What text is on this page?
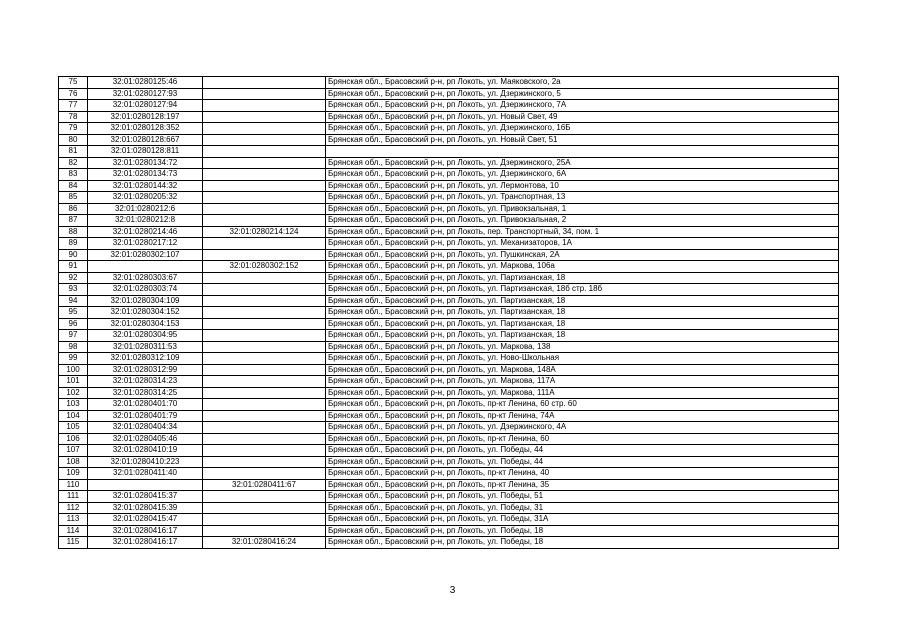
75	32:01:0280125:46		Брянская обл., Брасовский р-н, рп Локоть, ул. Маяковского, 2а
76	32:01:0280127:93		Брянская обл., Брасовский р-н, рп Локоть, ул. Дзержинского, 5
77	32:01:0280127:94		Брянская обл., Брасовский р-н, рп Локоть, ул. Дзержинского, 7А
78	32:01:0280128:197		Брянская обл., Брасовский р-н, рп Локоть, ул. Новый Свет, 49
79	32:01:0280128:352		Брянская обл., Брасовский р-н, рп Локоть, ул. Дзержинского, 16Б
80	32:01:0280128:667		Брянская обл., Брасовский р-н, рп Локоть, ул. Новый Свет, 51
81	32:01:0280128:811		
82	32:01:0280134:72		Брянская обл., Брасовский р-н, рп Локоть, ул. Дзержинского, 25А
83	32:01:0280134:73		Брянская обл., Брасовский р-н, рп Локоть, ул. Дзержинского, 6А
84	32:01:0280144:32		Брянская обл., Брасовский р-н, рп Локоть, ул. Лермонтова, 10
85	32:01:0280205:32		Брянская обл., Брасовский р-н, рп Локоть, ул. Транспортная, 13
86	32:01:0280212:6		Брянская обл., Брасовский р-н, рп Локоть, ул. Привокзальная, 1
87	32:01:0280212:8		Брянская обл., Брасовский р-н, рп Локоть, ул. Привокзальная, 2
88	32:01:0280214:46	32:01:0280214:124	Брянская обл., Брасовский р-н, рп Локоть, пер. Транспортный, 34, пом. 1
89	32:01:0280217:12		Брянская обл., Брасовский р-н, рп Локоть, ул. Механизаторов, 1А
90	32:01:0280302:107		Брянская обл., Брасовский р-н, рп Локоть, ул. Пушкинская, 2А
91		32:01:0280302:152	Брянская обл., Брасовский р-н, рп Локоть, ул. Маркова, 106а
92	32:01:0280303:67		Брянская обл., Брасовский р-н, рп Локоть, ул. Партизанская, 18
93	32:01:0280303:74		Брянская обл., Брасовский р-н, рп Локоть, ул. Партизанская, 18б стр. 18б
94	32:01:0280304:109		Брянская обл., Брасовский р-н, рп Локоть, ул. Партизанская, 18
95	32:01:0280304:152		Брянская обл., Брасовский р-н, рп Локоть, ул. Партизанская, 18
96	32:01:0280304:153		Брянская обл., Брасовский р-н, рп Локоть, ул. Партизанская, 18
97	32:01:0280304:95		Брянская обл., Брасовский р-н, рп Локоть, ул. Партизанская, 18
98	32:01:0280311:53		Брянская обл., Брасовский р-н, рп Локоть, ул. Маркова, 138
99	32:01:0280312:109		Брянская обл., Брасовский р-н, рп Локоть, ул. Ново-Школьная
100	32:01:0280312:99		Брянская обл., Брасовский р-н, рп Локоть, ул. Маркова, 148А
101	32:01:0280314:23		Брянская обл., Брасовский р-н, рп Локоть, ул. Маркова, 117А
102	32:01:0280314:25		Брянская обл., Брасовский р-н, рп Локоть, ул. Маркова, 111А
103	32:01:0280401:70		Брянская обл., Брасовский р-н, рп Локоть, пр-кт Ленина, 60 стр. 60
104	32:01:0280401:79		Брянская обл., Брасовский р-н, рп Локоть, пр-кт Ленина, 74А
105	32:01:0280404:34		Брянская обл., Брасовский р-н, рп Локоть, ул. Дзержинского, 4А
106	32:01:0280405:46		Брянская обл., Брасовский р-н, рп Локоть, пр-кт Ленина, 60
107	32:01:0280410:19		Брянская обл., Брасовский р-н, рп Локоть, ул. Победы, 44
108	32:01:0280410:223		Брянская обл., Брасовский р-н, рп Локоть, ул. Победы, 44
109	32:01:0280411:40		Брянская обл., Брасовский р-н, рп Локоть, пр-кт Ленина, 40
110		32:01:0280411:67	Брянская обл., Брасовский р-н, рп Локоть, пр-кт Ленина, 35
111	32:01:0280415:37		Брянская обл., Брасовский р-н, рп Локоть, ул. Победы, 51
112	32:01:0280415:39		Брянская обл., Брасовский р-н, рп Локоть, ул. Победы, 31
113	32:01:0280415:47		Брянская обл., Брасовский р-н, рп Локоть, ул. Победы, 31А
114	32:01:0280416:17		Брянская обл., Брасовский р-н, рп Локоть, ул. Победы, 18
115	32:01:0280416:17	32:01:0280416:24	Брянская обл., Брасовский р-н, рп Локоть, ул. Победы, 18
3
